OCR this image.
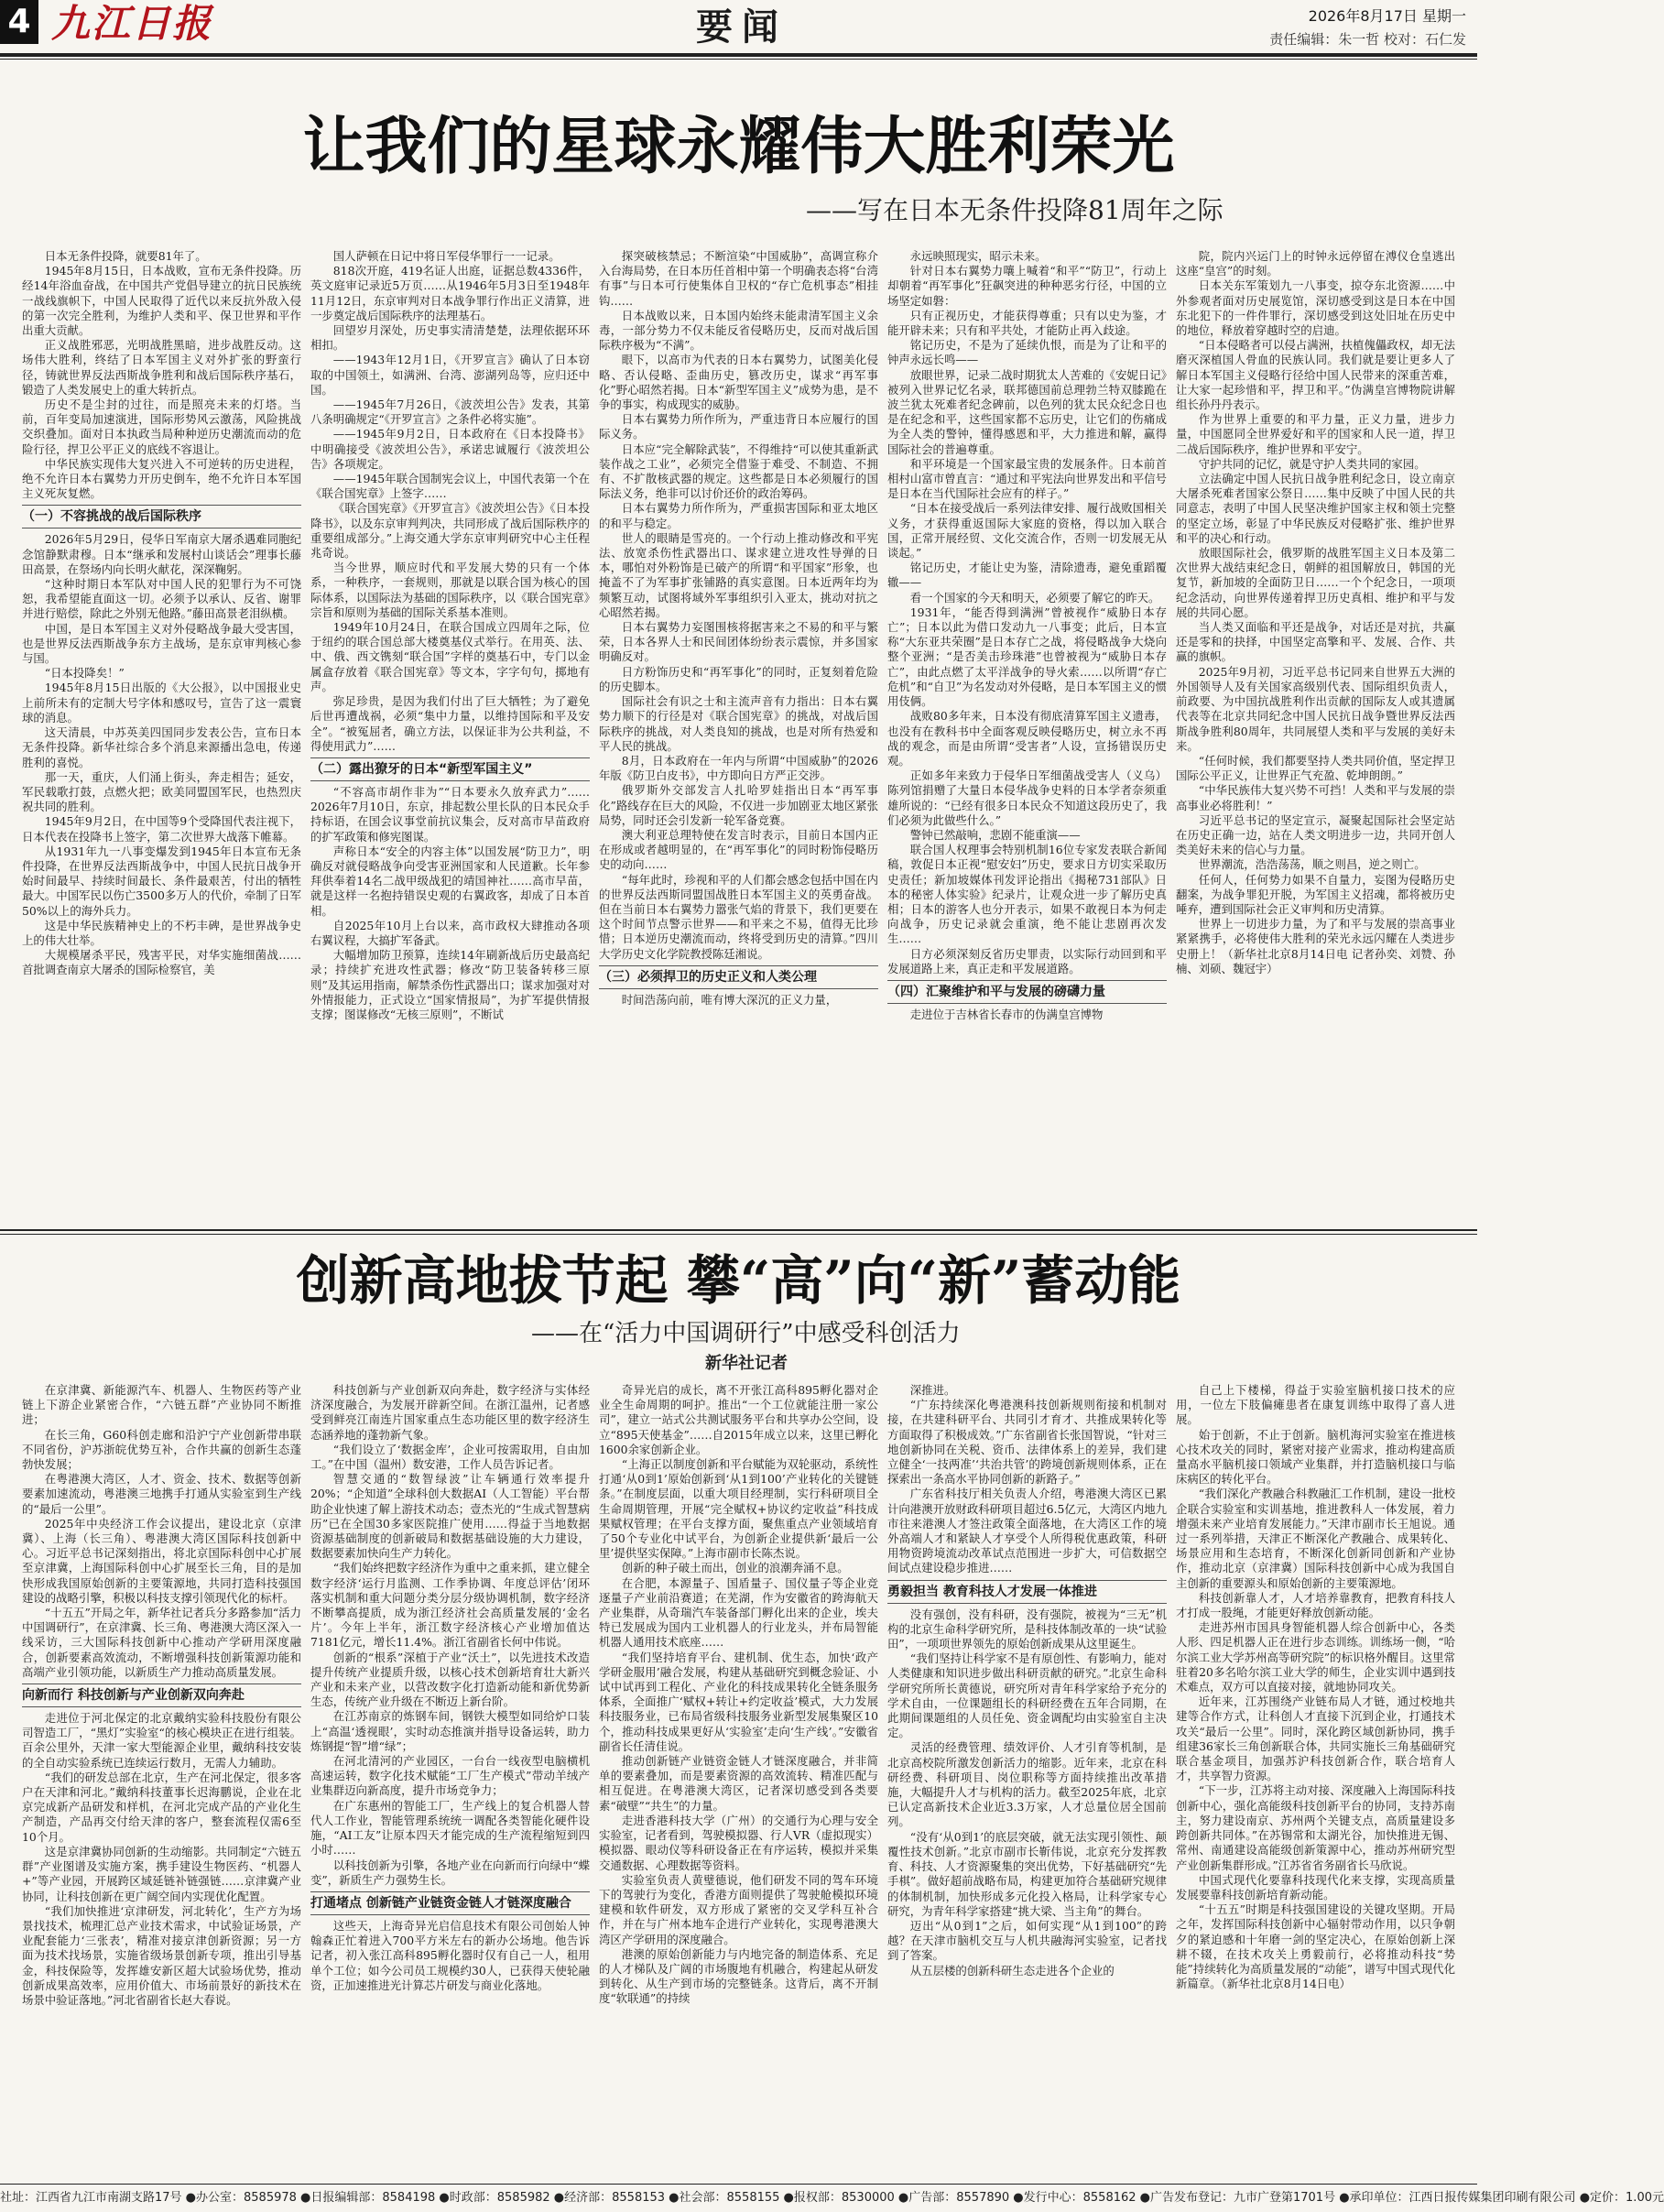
4 九江日报	要闻	2026年8月17日 星期一
责任编辑：朱一哲 校对：石仁发
让我们的星球永耀伟大胜利荣光
——写在日本无条件投降81周年之际

日本无条件投降，就要81年了。

1945年8月15日，日本战败，宣布无条件投降。历经14年浴血奋战，在中国共产党倡导建立的抗日民族统一战线旗帜下，中国人民取得了近代以来反抗外敌入侵的第一次完全胜利，为维护人类和平、保卫世界和平作出重大贡献。

正义战胜邪恶，光明战胜黑暗，进步战胜反动。这场伟大胜利，终结了日本军国主义对外扩张的野蛮行径，铸就世界反法西斯战争胜利和战后国际秩序基石，锻造了人类发展史上的重大转折点。

历史不是尘封的过往，而是照亮未来的灯塔。当前，百年变局加速演进，国际形势风云激荡，风险挑战交织叠加。面对日本执政当局种种逆历史潮流而动的危险行径，捍卫公平正义的底线不容退让。

中华民族实现伟大复兴进入不可逆转的历史进程，绝不允许日本右翼势力开历史倒车，绝不允许日本军国主义死灰复燃。

（一）不容挑战的战后国际秩序

2026年5月29日，侵华日军南京大屠杀遇难同胞纪念馆静默肃穆。日本“继承和发展村山谈话会”理事长藤田高景，在祭场内向长明火献花，深深鞠躬。

“这种时期日本军队对中国人民的犯罪行为不可饶恕，我希望能直面这一切。必须予以承认、反省、谢罪并进行赔偿，除此之外别无他路。”藤田高景老泪纵横。

中国，是日本军国主义对外侵略战争最大受害国，也是世界反法西斯战争东方主战场，是东京审判核心参与国。

“日本投降矣！”

1945年8月15日出版的《大公报》，以中国报业史上前所未有的定制大号字体和感叹号，宣告了这一震寰球的消息。

这天清晨，中苏英美四国同步发表公告，宣布日本无条件投降。新华社综合多个消息来源播出急电，传递胜利的喜悦。

那一天，重庆，人们涌上街头，奔走相告；延安，军民载歌打鼓，点燃火把；欧美同盟国军民，也热烈庆祝共同的胜利。

1945年9月2日，在中国等9个受降国代表注视下，日本代表在投降书上签字，第二次世界大战落下帷幕。

从1931年九一八事变爆发到1945年日本宣布无条件投降，在世界反法西斯战争中，中国人民抗日战争开始时间最早、持续时间最长、条件最艰苦，付出的牺牲最大。中国军民以伤亡3500多万人的代价，牵制了日军50%以上的海外兵力。

这是中华民族精神史上的不朽丰碑，是世界战争史上的伟大壮举。

大规模屠杀平民，残害平民，对华实施细菌战……首批调查南京大屠杀的国际检察官，美

国人萨顿在日记中将日军侵华罪行一一记录。

818次开庭，419名证人出庭，证据总数4336件，英文庭审记录近5万页……从1946年5月3日至1948年11月12日，东京审判对日本战争罪行作出正义清算，进一步奠定战后国际秩序的法理基石。

回望岁月深处，历史事实清清楚楚，法理依据环环相扣。

——1943年12月1日，《开罗宣言》确认了日本窃取的中国领土，如满洲、台湾、澎湖列岛等，应归还中国。

——1945年7月26日，《波茨坦公告》发表，其第八条明确规定“《开罗宣言》之条件必将实施”。

——1945年9月2日，日本政府在《日本投降书》中明确接受《波茨坦公告》，承诺忠诚履行《波茨坦公告》各项规定。

——1945年联合国制宪会议上，中国代表第一个在《联合国宪章》上签字……

《联合国宪章》《开罗宣言》《波茨坦公告》《日本投降书》，以及东京审判判决，共同形成了战后国际秩序的重要组成部分。”上海交通大学东京审判研究中心主任程兆奇说。

当今世界，顺应时代和平发展大势的只有一个体系，一种秩序，一套规则，那就是以联合国为核心的国际体系，以国际法为基础的国际秩序，以《联合国宪章》宗旨和原则为基础的国际关系基本准则。

1949年10月24日，在联合国成立四周年之际，位于纽约的联合国总部大楼奠基仪式举行。在用英、法、中、俄、西文镌刻“联合国”字样的奠基石中，专门以金属盒存放着《联合国宪章》等文本，字字句句，掷地有声。

弥足珍贵，是因为我们付出了巨大牺牲；为了避免后世再遭战祸，必须“集中力量，以维持国际和平及安全”。“被冤屈者，确立方法，以保证非为公共利益，不得使用武力”……

（二）露出獠牙的日本“新型军国主义”

“不容高市胡作非为”“日本要永久放弃武力”……2026年7月10日，东京，排起数公里长队的日本民众手持标语，在国会议事堂前抗议集会，反对高市早苗政府的扩军政策和修宪图谋。

声称日本“安全的内容主体”以国发展“防卫力”，明确反对就侵略战争向受害亚洲国家和人民道歉。长年参拜供奉着14名二战甲级战犯的靖国神社……高市早苗，就是这样一名抱持错误史观的右翼政客，却成了日本首相。

自2025年10月上台以来，高市政权大肆推动各项右翼议程，大搞扩军备武。

大幅增加防卫预算，连续14年刷新战后历史最高纪录；持续扩充进攻性武器；修改“防卫装备转移三原则”及其运用指南，解禁杀伤性武器出口；谋求加强对对外情报能力，正式设立“国家情报局”，为扩军提供情报支撑；图谋修改“无核三原则”，不断试

探突破核禁忌；不断渲染“中国威胁”，高调宣称介入台海局势，在日本历任首相中第一个明确表态将“台湾有事”与日本可行使集体自卫权的“存亡危机事态”相挂钩……

日本战败以来，日本国内始终未能肃清军国主义余毒，一部分势力不仅未能反省侵略历史，反而对战后国际秩序极为“不满”。

眼下，以高市为代表的日本右翼势力，试图美化侵略、否认侵略、歪曲历史，篡改历史，谋求“再军事化”野心昭然若揭。日本“新型军国主义”成势为患，是不争的事实，构成现实的威胁。

日本右翼势力所作所为，严重违背日本应履行的国际义务。

日本应“完全解除武装”，不得维持“可以使其重新武装作战之工业”，必须完全借鉴于难受、不制造、不拥有、不扩散核武器的规定。这些都是日本必须履行的国际法义务，绝非可以讨价还价的政治筹码。

日本右翼势力所作所为，严重损害国际和亚太地区的和平与稳定。

世人的眼睛是雪亮的。一个行动上推动修改和平宪法、放宽杀伤性武器出口、谋求建立进攻性导弹的日本，哪怕对外粉饰是已破产的所谓“和平国家”形象，也掩盖不了为军事扩张铺路的真实意图。日本近两年均为频繁互动，试图将域外军事组织引入亚太，挑动对抗之心昭然若揭。

日本右翼势力妄图围核将据害来之不易的和平与繁荣，日本各界人士和民间团体纷纷表示震惊，并多国家明确反对。

日方粉饰历史和“再军事化”的同时，正复刻着危险的历史脚本。

国际社会有识之士和主流声音有力指出：日本右翼势力顺下的行径是对《联合国宪章》的挑战，对战后国际秩序的挑战，对人类良知的挑战，也是对所有热爱和平人民的挑战。

8月，日本政府在一年内与所谓“中国威胁”的2026年版《防卫白皮书》，中方即向日方严正交涉。

俄罗斯外交部发言人扎哈罗娃指出日本“再军事化”路线存在巨大的风险，不仅进一步加剧亚太地区紧张局势，同时还会引发新一轮军备竞赛。

澳大利亚总理特使在发言时表示，目前日本国内正在形成或者越明显的，在“再军事化”的同时粉饰侵略历史的动向……

“每年此时，珍视和平的人们都会感念包括中国在内的世界反法西斯同盟国战胜日本军国主义的英勇奋战。但在当前日本右翼势力嚣张气焰的背景下，我们更要在这个时间节点警示世界——和平来之不易，值得无比珍惜；日本逆历史潮流而动，终将受到历史的清算。”四川大学历史文化学院教授陈廷湘说。

（三）必须捍卫的历史正义和人类公理

时间浩荡向前，唯有博大深沉的正义力量，

永远映照现实，昭示未来。

针对日本右翼势力嚷上喊着“和平”“防卫”，行动上却朝着“再军事化”狂飙突进的种种恶劣行径，中国的立场坚定如磐：

只有正视历史，才能获得尊重；只有以史为鉴，才能开辟未来；只有和平共处，才能防止再入歧途。

铭记历史，不是为了延续仇恨，而是为了让和平的钟声永远长鸣——

放眼世界，记录二战时期犹太人苦难的《安妮日记》被列入世界记忆名录，联邦德国前总理勃兰特双膝跪在波兰犹太死难者纪念碑前，以色列的犹太民众纪念日也是在纪念和平，这些国家都不忘历史，让它们的伤痛成为全人类的警钟，懂得感恩和平，大力推进和解，赢得国际社会的普遍尊重。

和平环境是一个国家最宝贵的发展条件。日本前首相村山富市曾直言：“通过和平宪法向世界发出和平信号是日本在当代国际社会应有的样子。”

“日本在接受战后一系列法律安排、履行战败国相关义务，才获得重返国际大家庭的资格，得以加入联合国，正常开展经贸、文化交流合作，否则一切发展无从谈起。”

铭记历史，才能让史为鉴，清除遗毒，避免重蹈覆辙——

看一个国家的今天和明天，必须要了解它的昨天。

1931年，“能否得到满洲”曾被视作“威胁日本存亡”；日本以此为借口发动九一八事变；此后，日本宣称“大东亚共荣圈”是日本存亡之战，将侵略战争大烧向整个亚洲；“是否美击珍珠港”也曾被视为“威胁日本存亡”，由此点燃了太平洋战争的导火索……以所谓“存亡危机”和“自卫”为名发动对外侵略，是日本军国主义的惯用伎俩。

战败80多年来，日本没有彻底清算军国主义遗毒，也没有在教科书中全面客观反映侵略历史，树立永不再战的观念，而是由所谓“受害者”人设，宣扬错误历史观。

正如多年来致力于侵华日军细菌战受害人（义乌）陈列馆捐赠了大量日本侵华战争史料的日本学者奈须重雄所说的：“已经有很多日本民众不知道这段历史了，我们必须为此做些什么。”

警钟已然敲响，悲剧不能重演——

联合国人权理事会特别机制16位专家发表联合新闻稿，敦促日本正视“慰安妇”历史，要求日方切实采取历史责任；新加坡媒体刊发评论指出《揭秘731部队》日本的秘密人体实验》纪录片，让观众进一步了解历史真相；日本的游客人也分开表示，如果不敢视日本为何走向战争，历史记录就会重演，绝不能让悲剧再次发生……

日方必须深刻反省历史罪责，以实际行动回到和平发展道路上来，真正走和平发展道路。

（四）汇聚维护和平与发展的磅礴力量

走进位于吉林省长春市的伪满皇宫博物

院，院内兴运门上的时钟永远停留在溥仪仓皇逃出这座“皇宫”的时刻。

日本关东军策划九一八事变，掠夺东北资源……中外参观者面对历史展览馆，深切感受到这是日本在中国东北犯下的一件件罪行，深切感受到这处旧址在历史中的地位，释放着穿越时空的启迪。

“日本侵略者可以侵占满洲，扶植傀儡政权，却无法磨灭深植国人骨血的民族认同。我们就是要让更多人了解日本军国主义侵略行径给中国人民带来的深重苦难，让大家一起珍惜和平，捍卫和平。”伪满皇宫博物院讲解组长孙丹丹表示。

作为世界上重要的和平力量，正义力量，进步力量，中国愿同全世界爱好和平的国家和人民一道，捍卫二战后国际秩序，维护世界和平安宁。

守护共同的记忆，就是守护人类共同的家园。

立法确定中国人民抗日战争胜利纪念日，设立南京大屠杀死难者国家公祭日……集中反映了中国人民的共同意志，表明了中国人民坚决维护国家主权和领土完整的坚定立场，彰显了中华民族反对侵略扩张、维护世界和平的决心和行动。

放眼国际社会，俄罗斯的战胜军国主义日本及第二次世界大战结束纪念日，朝鲜的祖国解放日，韩国的光复节，新加坡的全面防卫日……一个个纪念日，一项项纪念活动，向世界传递着捍卫历史真相、维护和平与发展的共同心愿。

当人类又面临和平还是战争，对话还是对抗，共赢还是零和的抉择，中国坚定高擎和平、发展、合作、共赢的旗帜。

2025年9月初，习近平总书记同来自世界五大洲的外国领导人及有关国家高级别代表、国际组织负责人，前政要、为中国抗战胜利作出贡献的国际友人或其遗属代表等在北京共同纪念中国人民抗日战争暨世界反法西斯战争胜利80周年，共同展望人类和平与发展的美好未来。

“任何时候，我们都要坚持人类共同价值，坚定捍卫国际公平正义，让世界正气充盈、乾坤朗朗。”

“中华民族伟大复兴势不可挡！人类和平与发展的崇高事业必将胜利！”

习近平总书记的坚定宣示，凝聚起国际社会坚定站在历史正确一边，站在人类文明进步一边，共同开创人类美好未来的信心与力量。

世界潮流，浩浩荡荡，顺之则昌，逆之则亡。

任何人，任何势力如果不自量力，妄图为侵略历史翻案，为战争罪犯开脱，为军国主义招魂，都将被历史唾弃，遭到国际社会正义审判和历史清算。

世界上一切进步力量，为了和平与发展的崇高事业紧紧携手，必将使伟大胜利的荣光永远闪耀在人类进步史册上！（新华社北京8月14日电 记者孙奕、刘赞、孙楠、刘硕、魏冠宇）

创新高地拔节起 攀“高”向“新”蓄动能
——在“活力中国调研行”中感受科创活力
新华社记者

在京津冀、新能源汽车、机器人、生物医药等产业链上下游企业紧密合作，“六链五群”产业协同不断推进；

在长三角，G60科创走廊和沿沪宁产业创新带串联不同省份，沪苏浙皖优势互补，合作共赢的创新生态蓬勃快发展；

在粤港澳大湾区，人才、资金、技术、数据等创新要素加速流动，粤港澳三地携手打通从实验室到生产线的“最后一公里”。

2025年中央经济工作会议提出，建设北京（京津冀）、上海（长三角）、粤港澳大湾区国际科技创新中心。习近平总书记深刻指出，将北京国际科创中心扩展至京津冀，上海国际科创中心扩展至长三角，目的是加快形成我国原始创新的主要策源地，共同打造科技强国建设的战略引擎，积极以科技支撑引领现代化的标杆。

“十五五”开局之年，新华社记者兵分多路参加“活力中国调研行”，在京津冀、长三角、粤港澳大湾区深入一线采访，三大国际科技创新中心推动产学研用深度融合，创新要素高效流动，不断增强科技创新策源功能和高端产业引领功能，以新质生产力推动高质量发展。

向新而行 科技创新与产业创新双向奔赴

走进位于河北保定的北京戴纳实验科技股份有限公司智造工厂，“黑灯”实验室“的核心模块正在进行组装。百余公里外，天津一家大型能源企业里，戴纳科技安装的全自动实验系统已连续运行数月，无需人力辅助。

“我们的研发总部在北京，生产在河北保定，很多客户在天津和河北。”戴纳科技董事长迟海鹏说，企业在北京完成新产品研发和样机，在河北完成产品的产业化生产制造，产品再交付给天津的客户，整套流程仅需6至10个月。

这是京津冀协同创新的生动缩影。共同制定“六链五群”产业图谱及实施方案，携手建设生物医药、“机器人+”等产业园，开展跨区域延链补链强链……京津冀产业协同，让科技创新在更广阔空间内实现优化配置。

“我们加快推进‘京津研发，河北转化’，生产方为场景找技术，梳理汇总产业技术需求，中试验证场景，产业配套能力‘三张表’，精准对接京津创新资源；另一方面为技术找场景，实施省级场景创新专项，推出引导基金，科技保险等，发挥雄安新区超大试验场优势，推动创新成果高效率，应用价值大、市场前景好的新技术在场景中验证落地。”河北省副省长赵大春说。

科技创新与产业创新双向奔赴，数字经济与实体经济深度融合，为发展开辟新空间。在浙江温州，记者感受到鲜亮江南连片国家重点生态功能区里的数字经济生态涵养地的蓬勃新气象。

“我们设立了‘数据金库’，企业可按需取用，自由加工。”在中国（温州）数安港，工作人员告诉记者。

智慧交通的“数智绿波”让车辆通行效率提升20%；“企知道”全球科创大数据AI（人工智能）平台帮助企业快速了解上游技术动态；壹杰光的“生成式智慧病历”已在全国30多家医院推广使用……得益于当地数据资源基础制度的创新破局和数据基础设施的大力建设，数据要素加快向生产力转化。

“我们始终把数字经济作为重中之重来抓，建立健全数字经济‘运行月监测、工作季协调、年度总评估’闭环落实机制和重大问题分类分层分级协调机制，数字经济不断攀高提质，成为浙江经济社会高质量发展的‘金名片’。今年上半年，浙江数字经济核心产业增加值达7181亿元，增长11.4%。浙江省副省长何中伟说。

创新的“根系”深植于产业“沃土”，以先进技术改造提升传统产业提质升级，以核心技术创新培育壮大新兴产业和未来产业，以营改数字化打造新动能和新优势新生态，传统产业升级在不断迈上新台阶。

在江苏南京的炼钢车间，钢铁大模型如同给炉口装上“高温‘透视眼’，实时动态推演并指导设备运转，助力炼钢提“智”增“绿”；

在河北清河的产业园区，一台台一线夜型电脑横机高速运转，数字化技术赋能“工厂生产模式”带动羊绒产业集群迈向新高度，提升市场竞争力；

在广东惠州的智能工厂，生产线上的复合机器人替代人工作业，智能管理系统统一调配各类智能化硬件设施，“AI工友”让原本四天才能完成的生产流程缩短到四小时……

以科技创新为引擎，各地产业在向新而行向绿中“蝶变”，新质生产力强势生长。

打通堵点 创新链产业链资金链人才链深度融合

这些天，上海奇异光启信息技术有限公司创始人钟翰森正忙着进入700平方米左右的新办公场地。他告诉记者，初入张江高科895孵化器时仅有自己一人，租用单个工位；如今公司员工规模约30人，已获得天使轮融资，正加速推进光计算芯片研发与商业化落地。

奇异光启的成长，离不开张江高科895孵化器对企业全生命周期的呵护。推出“一个工位就能注册一家公司”，建立一站式公共测试服务平台和共享办公空间，设立“895天使基金”……自2015年成立以来，这里已孵化1600余家创新企业。

“上海正以制度创新和平台赋能为双轮驱动，系统性打通‘从0到1’原始创新到‘从1到100’产业转化的关键链条。”在制度层面，以重大项目经理制，实行科研项目全生命周期管理，开展“完全赋权+协议约定收益”科技成果赋权管理；在平台支撑方面，聚焦重点产业领域培育了50个专业化中试平台，为创新企业提供新‘最后一公里’提供坚实保障。”上海市副市长陈杰说。

创新的种子破土而出，创业的浪潮奔涌不息。

在合肥，本源量子、国盾量子、国仪量子等企业竞逐量子产业前沿赛道；在芜湖，作为安徽省的跨海航天产业集群，从奇瑞汽车装备部门孵化出来的企业，埃夫特已发展成为国内工业机器人的行业龙头，并布局智能机器人通用技术底座……

“我们坚持培育平台、建机制、优生态，加快‘政产学研金服用’融合发展，构建从基础研究到概念验证、小试中试再到工程化、产业化的科技成果转化全链条服务体系，全面推广‘赋权+转让+约定收益’模式，大力发展科技服务业，已布局省级科技服务业新型发展集聚区10个，推动科技成果更好从‘实验室’走向‘生产线’。”安徽省副省长任清佳说。

推动创新链产业链资金链人才链深度融合，并非简单的要素叠加，而是要素资源的高效流转、精准匹配与相互促进。在粤港澳大湾区，记者深切感受到各类要素“破壁”“共生”的力量。

走进香港科技大学（广州）的交通行为心理与安全实验室，记者看到，驾驶模拟器、行人VR（虚拟现实）模拟器、眼动仪等科研设备正在有序运转，模拟并采集交通数据、心理数据等资料。

实验室负责人黄璧德说，他们研发不同的驾车环境下的驾驶行为变化，香港方面则提供了驾驶舱模拟环境建模和软件研发，双方形成了紧密的交叉学科互补合作，并在与广州本地车企进行产业转化，实现粤港澳大湾区产学研用的深度融合。

港澳的原始创新能力与内地完备的制造体系、充足的人才梯队及广阔的市场腹地有机融合，构建起从研发到转化、从生产到市场的完整链条。这背后，离不开制度“软联通”的持续

深推进。

“广东持续深化粤港澳科技创新规则衔接和机制对接，在共建科研平台、共同引才育才、共推成果转化等方面取得了积极成效。”广东省副省长张国智说，“针对三地创新协同在关税、资币、法律体系上的差异，我们建立健全‘一技两准’‘共治共管’的跨境创新规则体系，正在探索出一条高水平协同创新的新路子。”

广东省科技厅相关负责人介绍，粤港澳大湾区已累计向港澳开放财政科研项目超过6.5亿元，大湾区内地九市往来港澳人才签注政策全面落地，在大湾区工作的境外高端人才和紧缺人才享受个人所得税优惠政策，科研用物资跨境流动改革试点范围进一步扩大，可信数据空间试点建设稳步推进……

勇毅担当 教育科技人才发展一体推进

没有强创，没有科研，没有强院，被视为“三无”机构的北京生命科学研究所，是科技体制改革的一块“试验田”，一项项世界领先的原始创新成果从这里诞生。

“我们坚持让科学家不是有原创性、有影响力，能对人类健康和知识进步做出科研贡献的研究。”北京生命科学研究所所长黄德说，研究所对青年科学家给予充分的学术自由，一位课题组长的科研经费在五年合同期，在此期间课题组的人员任免、资金调配均由实验室自主决定。

灵活的经费管理、绩效评价、人才引育等机制，是北京高校院所激发创新活力的缩影。近年来，北京在科研经费、科研项目、岗位职称等方面持续推出改革措施，大幅提升人才与机构的活力。截至2025年底，北京已认定高新技术企业近3.3万家，人才总量位居全国前列。

“没有‘从0到1’的底层突破，就无法实现引领性、颠覆性技术创新。”北京市副市长靳伟说，北京充分发挥教育、科技、人才资源聚集的突出优势，下好基础研究“先手棋”。做好超前战略布局，构建更加符合基础研究规律的体制机制，加快形成多元化投入格局，让科学家专心研究，为青年科学家搭建“挑大梁、当主角”的舞台。

迈出“从0到1”之后，如何实现“从1到100”的跨越？在天津市脑机交互与人机共融海河实验室，记者找到了答案。

从五层楼的创新科研生态走进各个企业的

自己上下楼梯，得益于实验室脑机接口技术的应用，一位左下肢偏瘫患者在康复训练中取得了喜人进展。

始于创新，不止于创新。脑机海河实验室在推进核心技术攻关的同时，紧密对接产业需求，推动构建高质量高水平脑机接口领域产业集群，并打造脑机接口与临床病区的转化平台。

“我们深化产教融合科教融汇工作机制，建设一批校企联合实验室和实训基地，推进教科人一体发展，着力增强未来产业培育发展能力。”天津市副市长王旭说。通过一系列举措，天津正不断深化产教融合、成果转化、场景应用和生态培育，不断深化创新同创新和产业协作，推动北京（京津冀）国际科技创新中心成为我国自主创新的重要源头和原始创新的主要策源地。

科技创新靠人才，人才培养靠教育，把教育科技人才打成一股绳，才能更好释放创新动能。

走进苏州市国具身智能机器人综合创新中心，各类人形、四足机器人正在进行步态训练。训练场一侧，“哈尔滨工业大学苏州高等研究院”的标识格外醒目。这里常驻着20多名哈尔滨工业大学的师生，企业实训中遇到技术难点，双方可以直接对接，就地协同攻关。

近年来，江苏围绕产业链布局人才链，通过校地共建等合作方式，让科创人才直接下沉到企业，打通技术攻关“最后一公里”。同时，深化跨区域创新协同，携手组建36家长三角创新联合体，共同实施长三角基础研究联合基金项目，加强苏沪科技创新合作，联合培育人才，共享智力资源。

“下一步，江苏将主动对接、深度融入上海国际科技创新中心，强化高能级科技创新平台的协同，支持苏南主，努力建设南京、苏州两个关键支点，高质量建设多跨创新共同体。”在苏锡常和太湖光谷，加快推进无锡、常州、南通建设高能级创新策源中心，推动苏州研究型产业创新集群形成。”江苏省省务副省长马欣说。

中国式现代化要靠科技现代化来支撑，实现高质量发展要靠科技创新培育新动能。

“十五五”时期是科技强国建设的关键攻坚期。开局之年，发挥国际科技创新中心辐射带动作用，以只争朝夕的紧迫感和十年磨一剑的坚定决心，在原始创新上深耕不辍，在技术攻关上勇毅前行，必将推动科技“势能”持续转化为高质量发展的“动能”，谱写中国式现代化新篇章。（新华社北京8月14日电）

社址：江西省九江市南湖支路17号 ●办公室：8585978 ●日报编辑部：8584198 ●时政部：8585982 ●经济部：8558153 ●社会部：8558155 ●报权部：8530000 ●广告部：8557890 ●发行中心：8558162 ●广告发布登记：九市广登第1701号 ●承印单位：江西日报传媒集团印刷有限公司 ●定价：1.00元
